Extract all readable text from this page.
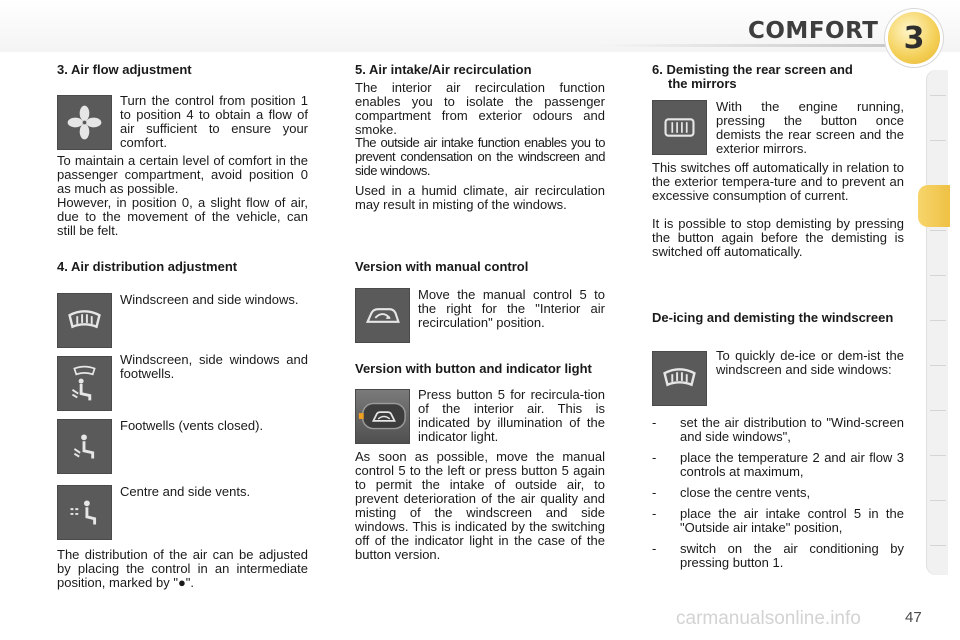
COMFORT 3

3. Air flow adjustment

Turn the control from position 1 to position 4 to obtain a flow of air sufficient to ensure your comfort.
To maintain a certain level of comfort in the passenger compartment, avoid position 0 as much as possible.
However, in position 0, a slight flow of air, due to the movement of the vehicle, can still be felt.

4. Air distribution adjustment

Windscreen and side windows.
Windscreen, side windows and footwells.
Footwells (vents closed).
Centre and side vents.
The distribution of the air can be adjusted by placing the control in an intermediate position, marked by "●".

5. Air intake/Air recirculation

The interior air recirculation function enables you to isolate the passenger compartment from exterior odours and smoke.
The outside air intake function enables you to prevent condensation on the windscreen and side windows.
Used in a humid climate, air recirculation may result in misting of the windows.

Version with manual control

Move the manual control 5 to the right for the "Interior air recirculation" position.

Version with button and indicator light

Press button 5 for recircula-tion of the interior air. This is indicated by illumination of the indicator light.
As soon as possible, move the manual control 5 to the left or press button 5 again to permit the intake of outside air, to prevent deterioration of the air quality and misting of the windscreen and side windows. This is indicated by the switching off of the indicator light in the case of the button version.

6. Demisting the rear screen and

the mirrors

With the engine running, pressing the button once demists the rear screen and the exterior mirrors.
This switches off automatically in relation to the exterior tempera-ture and to prevent an excessive consumption of current.
It is possible to stop demisting by pressing the button again before the demisting is switched off automatically.

De-icing and demisting the windscreen

To quickly de-ice or dem-ist the windscreen and side windows:
-	set the air distribution to "Wind-screen and side windows",
-	place the temperature 2 and air flow 3 controls at maximum,
-	close the centre vents,
-	place the air intake control 5 in the "Outside air intake" position,
-	switch on the air conditioning by pressing button 1.
carmanualsonline.info	47
